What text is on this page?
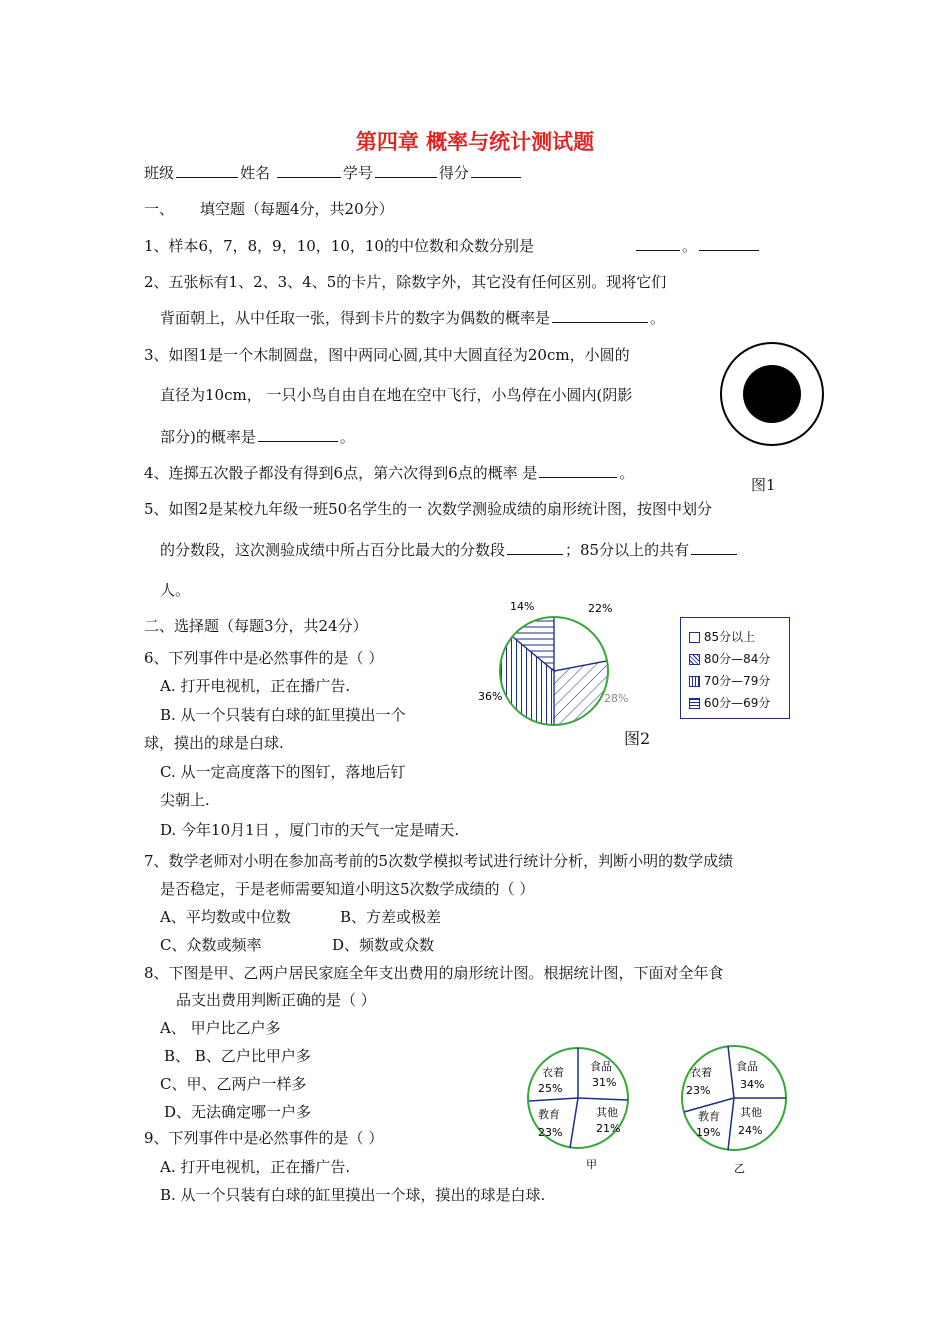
第四章 概率与统计测试题
班级	姓名	学号	得分
一、 填空题（每题4分，共20分）
1、样本6，7，8，9，10，10，10的中位数和众数分别是	。
2、五张标有1、2、3、4、5的卡片，除数字外，其它没有任何区别。现将它们
背面朝上，从中任取一张，得到卡片的数字为偶数的概率是	。
3、如图1是一个木制圆盘，图中两同心圆,其中大圆直径为20cm，小圆的
直径为10cm， 一只小鸟自由自在地在空中飞行，小鸟停在小圆内(阴影
部分)的概率是	。
4、连掷五次骰子都没有得到6点，第六次得到6点的概率 是	。
图1
5、如图2是某校九年级一班50名学生的一 次数学测验成绩的扇形统计图，按图中划分
的分数段，这次测验成绩中所占百分比最大的分数段	；85分以上的共有
人。
14%	22%
28%
36%
85分以上
80分—84分
70分—79分
60分—69分
图2
二、选择题（每题3分，共24分）
6、下列事件中是必然事件的是（ ）
A. 打开电视机，正在播广告.
B. 从一个只装有白球的缸里摸出一个
球，摸出的球是白球.
C. 从一定高度落下的图钉，落地后钉
尖朝上.
D. 今年10月1日 ，厦门市的天气一定是晴天.
7、数学老师对小明在参加高考前的5次数学模拟考试进行统计分析，判断小明的数学成绩
是否稳定，于是老师需要知道小明这5次数学成绩的（ ）
A、平均数或中位数	B、方差或极差
C、众数或频率	D、频数或众数
8、下图是甲、乙两户居民家庭全年支出费用的扇形统计图。根据统计图，下面对全年食
品支出费用判断正确的是（ ）
A、 甲户比乙户多
B、 B、乙户比甲户多
C、甲、乙两户一样多
D、无法确定哪一户多
衣着
25%
食品
31%
其他
21%
教育
23%
甲
衣着
23%
食品
34%
其他
24%
教育
19%
乙
9、下列事件中是必然事件的是（ ）
A. 打开电视机，正在播广告.
B. 从一个只装有白球的缸里摸出一个球，摸出的球是白球.
